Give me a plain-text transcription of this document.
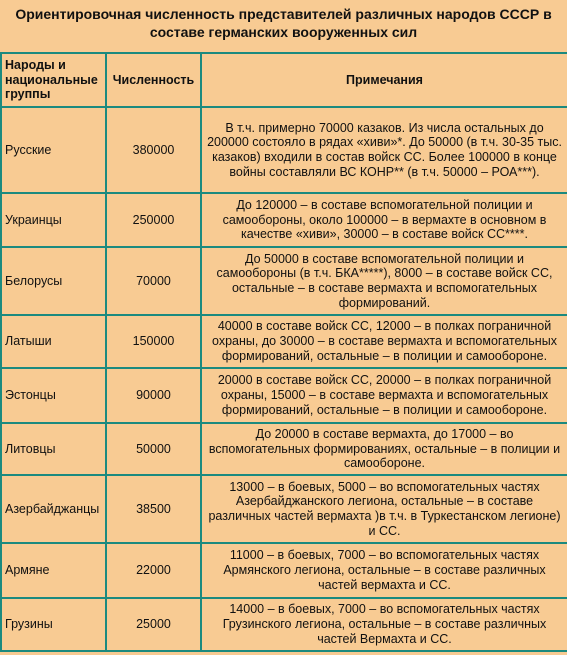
Ориентировочная численность представителей различных народов СССР в составе германских вооруженных сил
Народы и национальные группы	Численность	Примечания
Русские	380000	В т.ч. примерно 70000 казаков. Из числа остальных до 200000 состояло в рядах «хиви»*. До 50000 (в т.ч. 30-35 тыс. казаков) входили в состав войск СС. Более 100000 в конце войны составляли ВС КОНР** (в т.ч. 50000 – РОА***).
Украинцы	250000	До 120000 – в составе вспомогательной полиции и самообороны, около 100000 – в вермахте в основном в качестве «хиви», 30000 – в составе войск СС****.
Белорусы	70000	До 50000 в составе вспомогательной полиции и самообороны (в т.ч. БКА*****), 8000 – в составе войск СС, остальные – в составе вермахта и вспомогательных формирований.
Латыши	150000	40000 в составе войск СС, 12000 – в полках пограничной охраны, до 30000 – в составе вермахта и вспомогательных формирований, остальные – в полиции и самообороне.
Эстонцы	90000	20000 в составе войск СС, 20000 – в полках пограничной охраны, 15000 – в составе вермахта и вспомогательных формирований, остальные – в полиции и самообороне.
Литовцы	50000	До 20000 в составе вермахта, до 17000 – во вспомогательных формированиях, остальные – в полиции и самообороне.
Азербайджанцы	38500	13000 – в боевых, 5000 – во вспомогательных частях Азербайджанского легиона, остальные – в составе различных частей вермахта )в т.ч. в Туркестанском легионе) и СС.
Армяне	22000	11000 – в боевых, 7000 – во вспомогательных частях Армянского легиона, остальные – в составе различных частей вермахта и СС.
Грузины	25000	14000 – в боевых, 7000 – во вспомогательных частях Грузинского легиона, остальные – в составе различных частей Вермахта и СС.
